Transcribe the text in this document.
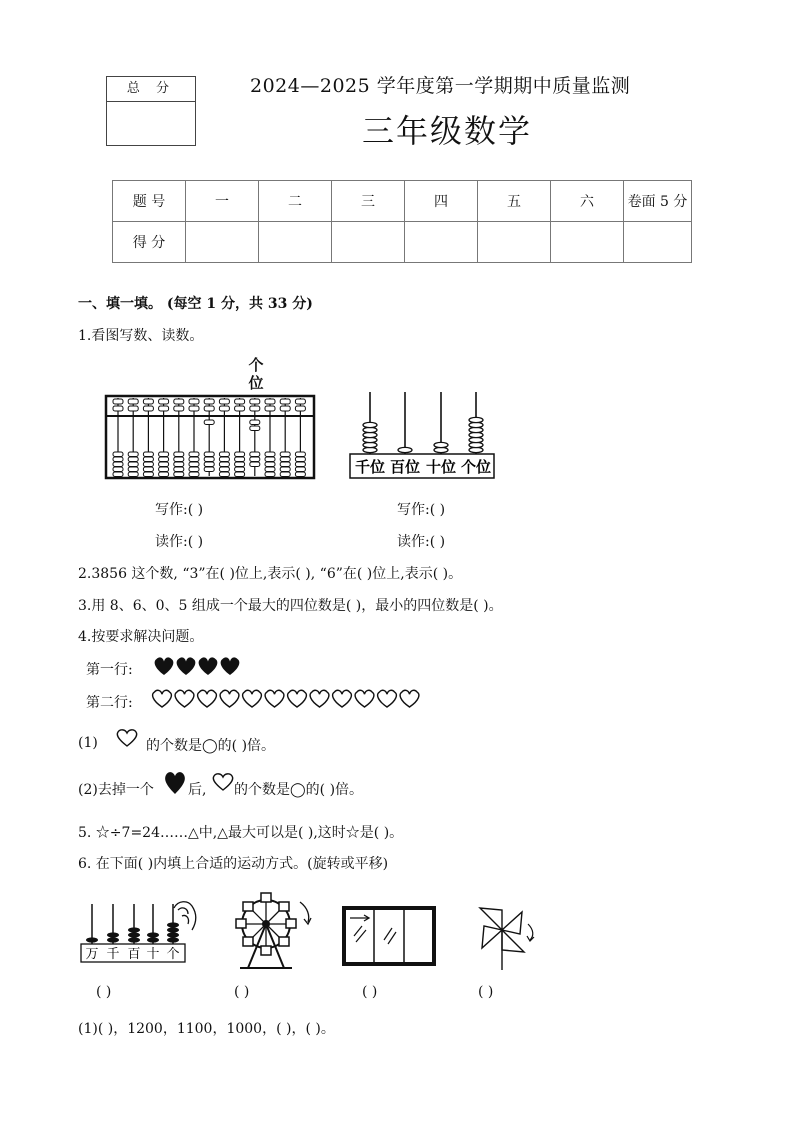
总 分	2024—2025 学年度第一学期期中质量监测
三年级数学
题 号	一	二	三	四	五	六	卷面 5 分
得 分							
一、填一填。 (每空 1 分，共 33 分)
1.看图写数、读数。
个
位
千位 百位 十位 个位
写作:( )	写作:( )
读作:( )	读作:( )
2.3856 这个数, “3”在( )位上,表示( ), “6”在( )位上,表示( )。
3.用 8、6、0、5 组成一个最大的四位数是( )，最小的四位数是( )。
4.按要求解决问题。
第一行:
第二行:
(1)	的个数是◯的( )倍。
(2)去掉一个 后, 的个数是◯的( )倍。
5. ☆÷7=24……△中,△最大可以是( ),这时☆是( )。
6. 在下面( )内填上合适的运动方式。(旋转或平移)
万 千 百 十 个
( )	( )	( )	( )
(1)( )，1200，1100，1000，( )，( )。
